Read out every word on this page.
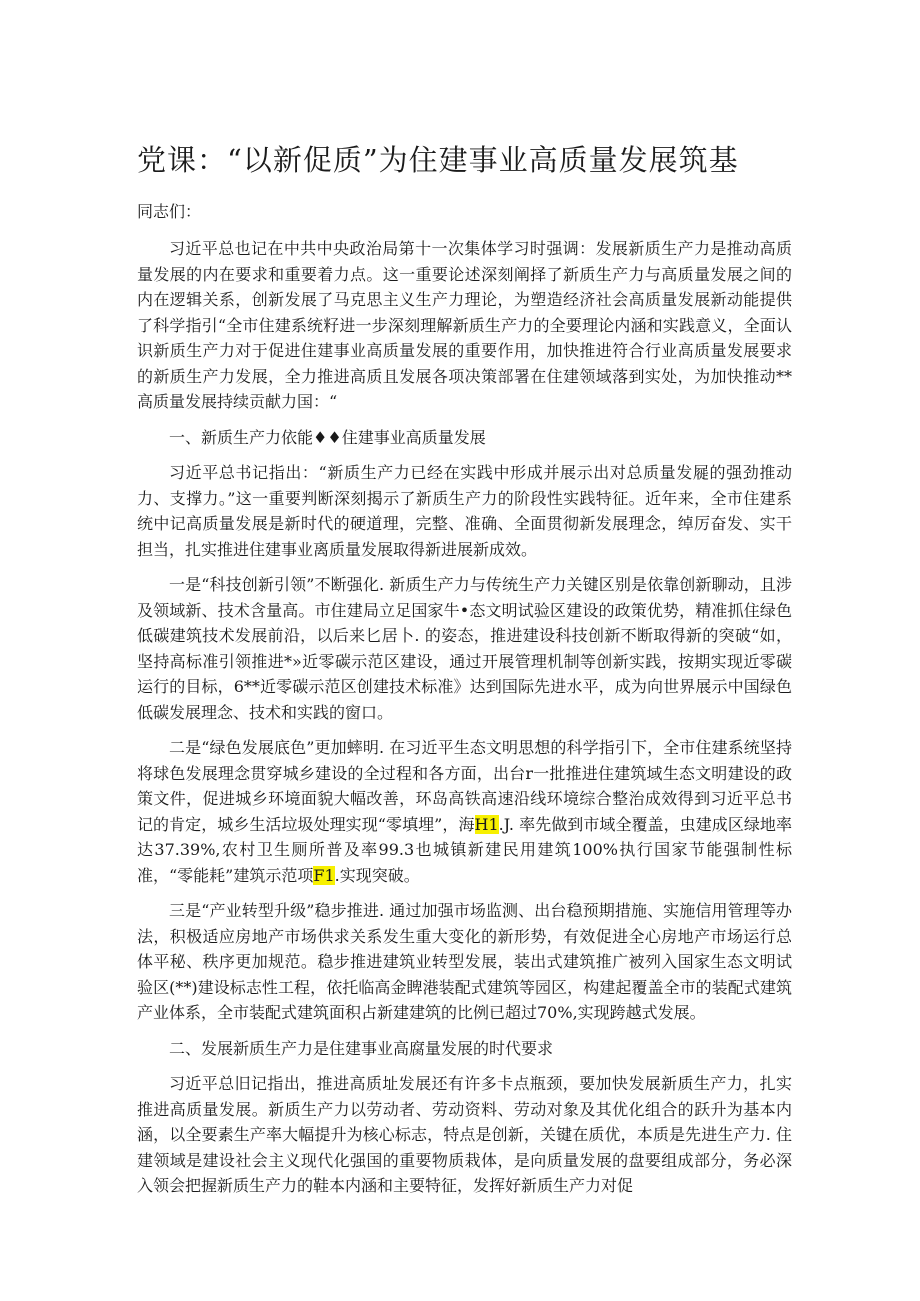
党课：“以新促质”为住建事业高质量发展筑基

同志们：

习近平总也记在中共中央政治局第十一次集体学习时强调：发展新质生产力是推动高质量发展的内在要求和重要着力点。这一重要论述深刻阐择了新质生产力与高质量发展之间的内在逻辑关系，创新发展了马克思主义生产力理论，为塑造经济社会高质量发展新动能提供了科学指引“全市住建系统籽进一步深刻理解新质生产力的全要理论内涵和实践意义，全面认识新质生产力对于促进住建事业高质量发展的重要作用，加快推进符合行业高质量发展要求的新质生产力发展，全力推进高质且发展各项决策部署在住建领域落到实处，为加快推动**高质量发展持续贡献力国：“

一、新质生产力依能♦♦住建事业高质量发展

习近平总书记指出：“新质生产力已经在实践中形成并展示出对总质量发屣的强劲推动力、支撑力。”这一重要判断深刻揭示了新质生产力的阶段性实践特征。近年来，全市住建系统中记高质量发展是新时代的硬道理，完整、准确、全面贯彻新发展理念，绰厉奋发、实干担当，扎实推进住建事业离质量发展取得新进展新成效。

一是“科技创新引领”不断强化. 新质生产力与传统生产力关键区别是依靠创新聊动，且涉及领域新、技术含量高。市住建局立足国家牛•态文明试验区建设的政策优势，精准抓住绿色低碳建筑技术发展前沿，以后来匕居卜. 的姿态，推进建设科技创新不断取得新的突破“如，坚持高标准引领推进*»近零碳示范区建设，通过开展管理机制等创新实践，按期实现近零碳运行的目标，6**近零碳示范区创建技术标准》达到国际先进水平，成为向世界展示中国绿色低碳发展理念、技术和实践的窗口。

二是“绿色发展底色”更加蟀明. 在习近平生态文明思想的科学指引下，全市住建系统坚持将球色发展理念贯穿城乡建设的全过程和各方面，出台r一批推进住建筑域生态文明建设的政策文件，促进城乡环境面貌大幅改善，环岛高铁高速沿线环境综合整治成效得到习近平总书记的肯定，城乡生活垃圾处理实现“零填埋”，海H1.J. 率先做到市域全覆盖，虫建成区绿地率达37.39%,农村卫生厕所普及率99.3也城镇新建民用建筑100%执行国家节能强制性标准，“零能耗”建筑示范项F1.实现突破。

三是“产业转型升级”稳步推进. 通过加强市场监测、出台稳预期措施、实施信用管理等办法，积极适应房地产市场供求关系发生重大变化的新形势，有效促进全心房地产市场运行总体平秘、秩序更加规范。稳步推进建筑业转型发展，装出式建筑推广被列入国家生态文明试验区(**)建设标志性工程，依托临高金睥港装配式建筑等园区，构建起覆盖全市的装配式建筑产业体系，全市装配式建筑面积占新建建筑的比例已超过70%,实现跨越式发展。

二、发展新质生产力是住建事业高腐量发展的时代要求

习近平总旧记指出，推进高质址发展还有许多卡点瓶颈，要加快发展新质生产力，扎实推进高质量发展。新质生产力以劳动者、劳动资料、劳动对象及其优化组合的跃升为基本内涵，以全要素生产率大幅提升为核心标志，特点是创新，关键在质优，本质是先进生产力. 住建领域是建设社会主义现代化强国的重要物质栽体，是向质量发展的盘要组成部分，务必深入领会把握新质生产力的鞋本内涵和主要特征，发挥好新质生产力对促
